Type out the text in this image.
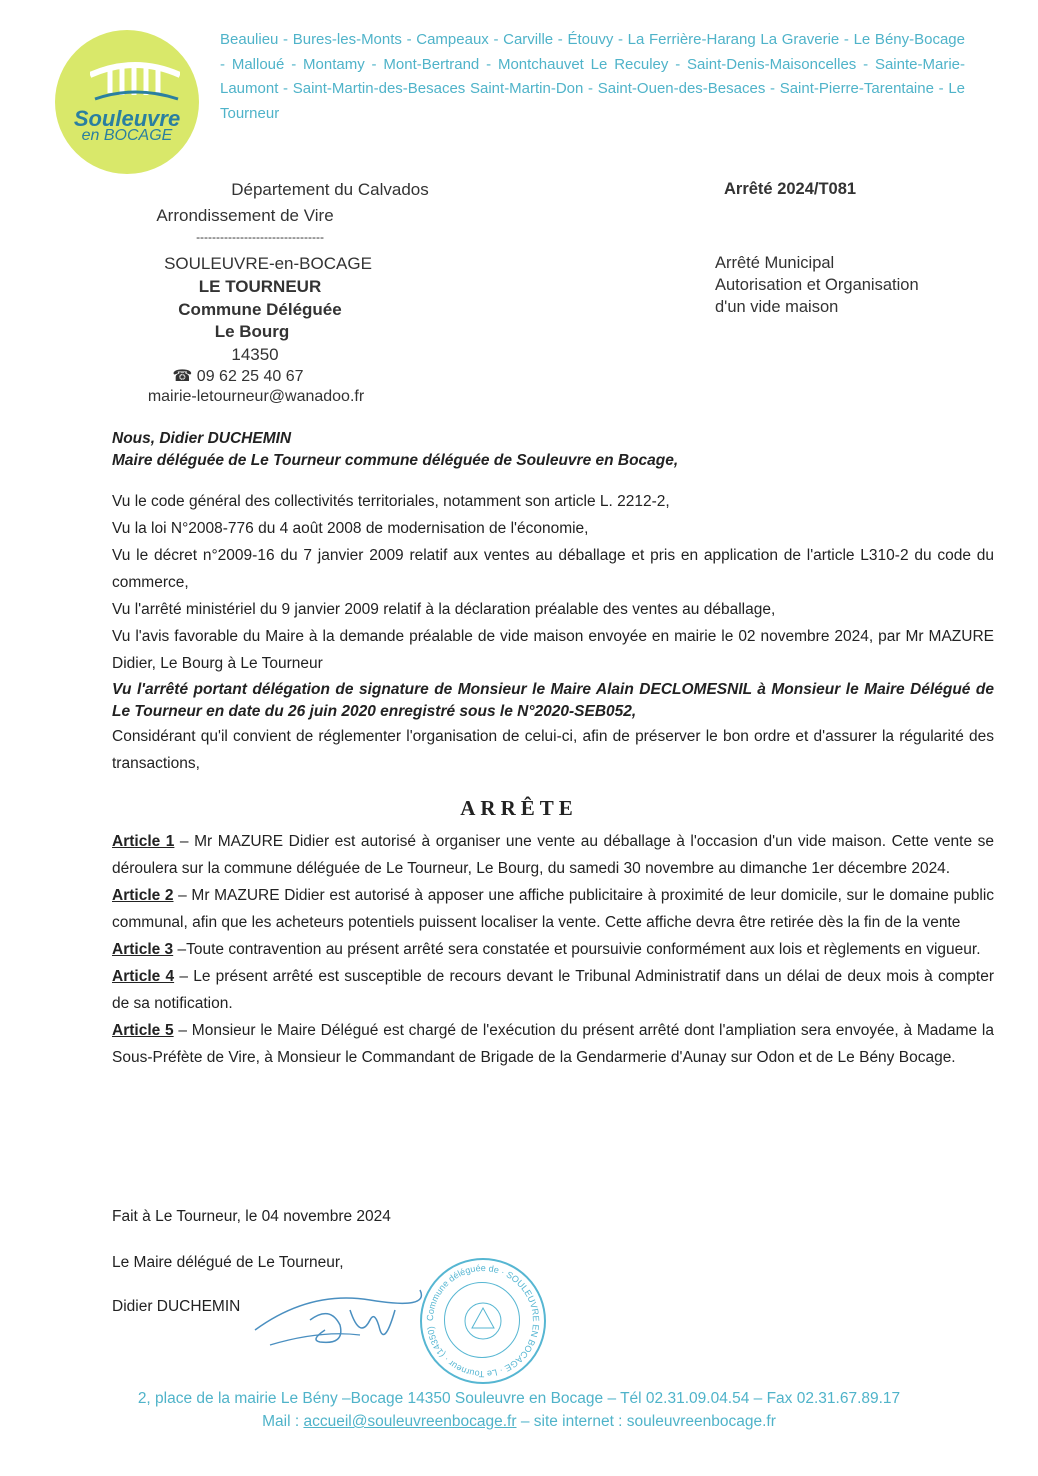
Souleuvre
en BOCAGE
Beaulieu - Bures-les-Monts - Campeaux - Carville - Étouvy - La Ferrière-Harang La Graverie - Le Bény-Bocage - Malloué - Montamy - Mont-Bertrand - Montchauvet Le Reculey - Saint-Denis-Maisoncelles - Sainte-Marie-Laumont - Saint-Martin-des-Besaces Saint-Martin-Don - Saint-Ouen-des-Besaces - Saint-Pierre-Tarentaine - Le Tourneur
Département du Calvados
Arrondissement de Vire
--------------------------------
SOULEUVRE-en-BOCAGE
LE TOURNEUR
Commune Déléguée
Le Bourg
14350
☎ 09 62 25 40 67
mairie-letourneur@wanadoo.fr
Arrêté 2024/T081
Arrêté Municipal
Autorisation et Organisation
d'un vide maison

Nous, Didier DUCHEMIN

Maire déléguée de Le Tourneur commune déléguée de Souleuvre en Bocage,

Vu le code général des collectivités territoriales, notamment son article L. 2212-2,

Vu la loi N°2008-776 du 4 août 2008 de modernisation de l'économie,

Vu le décret n°2009-16 du 7 janvier 2009 relatif aux ventes au déballage et pris en application de l'article L310-2 du code du commerce,

Vu l'arrêté ministériel du 9 janvier 2009 relatif à la déclaration préalable des ventes au déballage,

Vu l'avis favorable du Maire à la demande préalable de vide maison envoyée en mairie le 02 novembre 2024, par Mr MAZURE Didier, Le Bourg à Le Tourneur

Vu l'arrêté portant délégation de signature de Monsieur le Maire Alain DECLOMESNIL à Monsieur le Maire Délégué de Le Tourneur en date du 26 juin 2020 enregistré sous le N°2020-SEB052,

Considérant qu'il convient de réglementer l'organisation de celui-ci, afin de préserver le bon ordre et d'assurer la régularité des transactions,

ARRÊTE

Article 1 – Mr MAZURE Didier est autorisé à organiser une vente au déballage à l'occasion d'un vide maison. Cette vente se déroulera sur la commune déléguée de Le Tourneur, Le Bourg, du samedi 30 novembre au dimanche 1er décembre 2024.

Article 2 – Mr MAZURE Didier est autorisé à apposer une affiche publicitaire à proximité de leur domicile, sur le domaine public communal, afin que les acheteurs potentiels puissent localiser la vente. Cette affiche devra être retirée dès la fin de la vente

Article 3 –Toute contravention au présent arrêté sera constatée et poursuivie conformément aux lois et règlements en vigueur.

Article 4 – Le présent arrêté est susceptible de recours devant le Tribunal Administratif dans un délai de deux mois à compter de sa notification.

Article 5 – Monsieur le Maire Délégué est chargé de l'exécution du présent arrêté dont l'ampliation sera envoyée, à Madame la Sous-Préfète de Vire, à Monsieur le Commandant de Brigade de la Gendarmerie d'Aunay sur Odon et de Le Bény Bocage.

Fait à Le Tourneur, le 04 novembre 2024
Le Maire délégué de Le Tourneur,
Didier DUCHEMIN
Commune déléguée de · SOULEUVRE EN BOCAGE · Le Tourneur · (14350)
2, place de la mairie Le Bény –Bocage 14350 Souleuvre en Bocage – Tél 02.31.09.04.54 – Fax 02.31.67.89.17
Mail : accueil@souleuvreenbocage.fr – site internet : souleuvreenbocage.fr
